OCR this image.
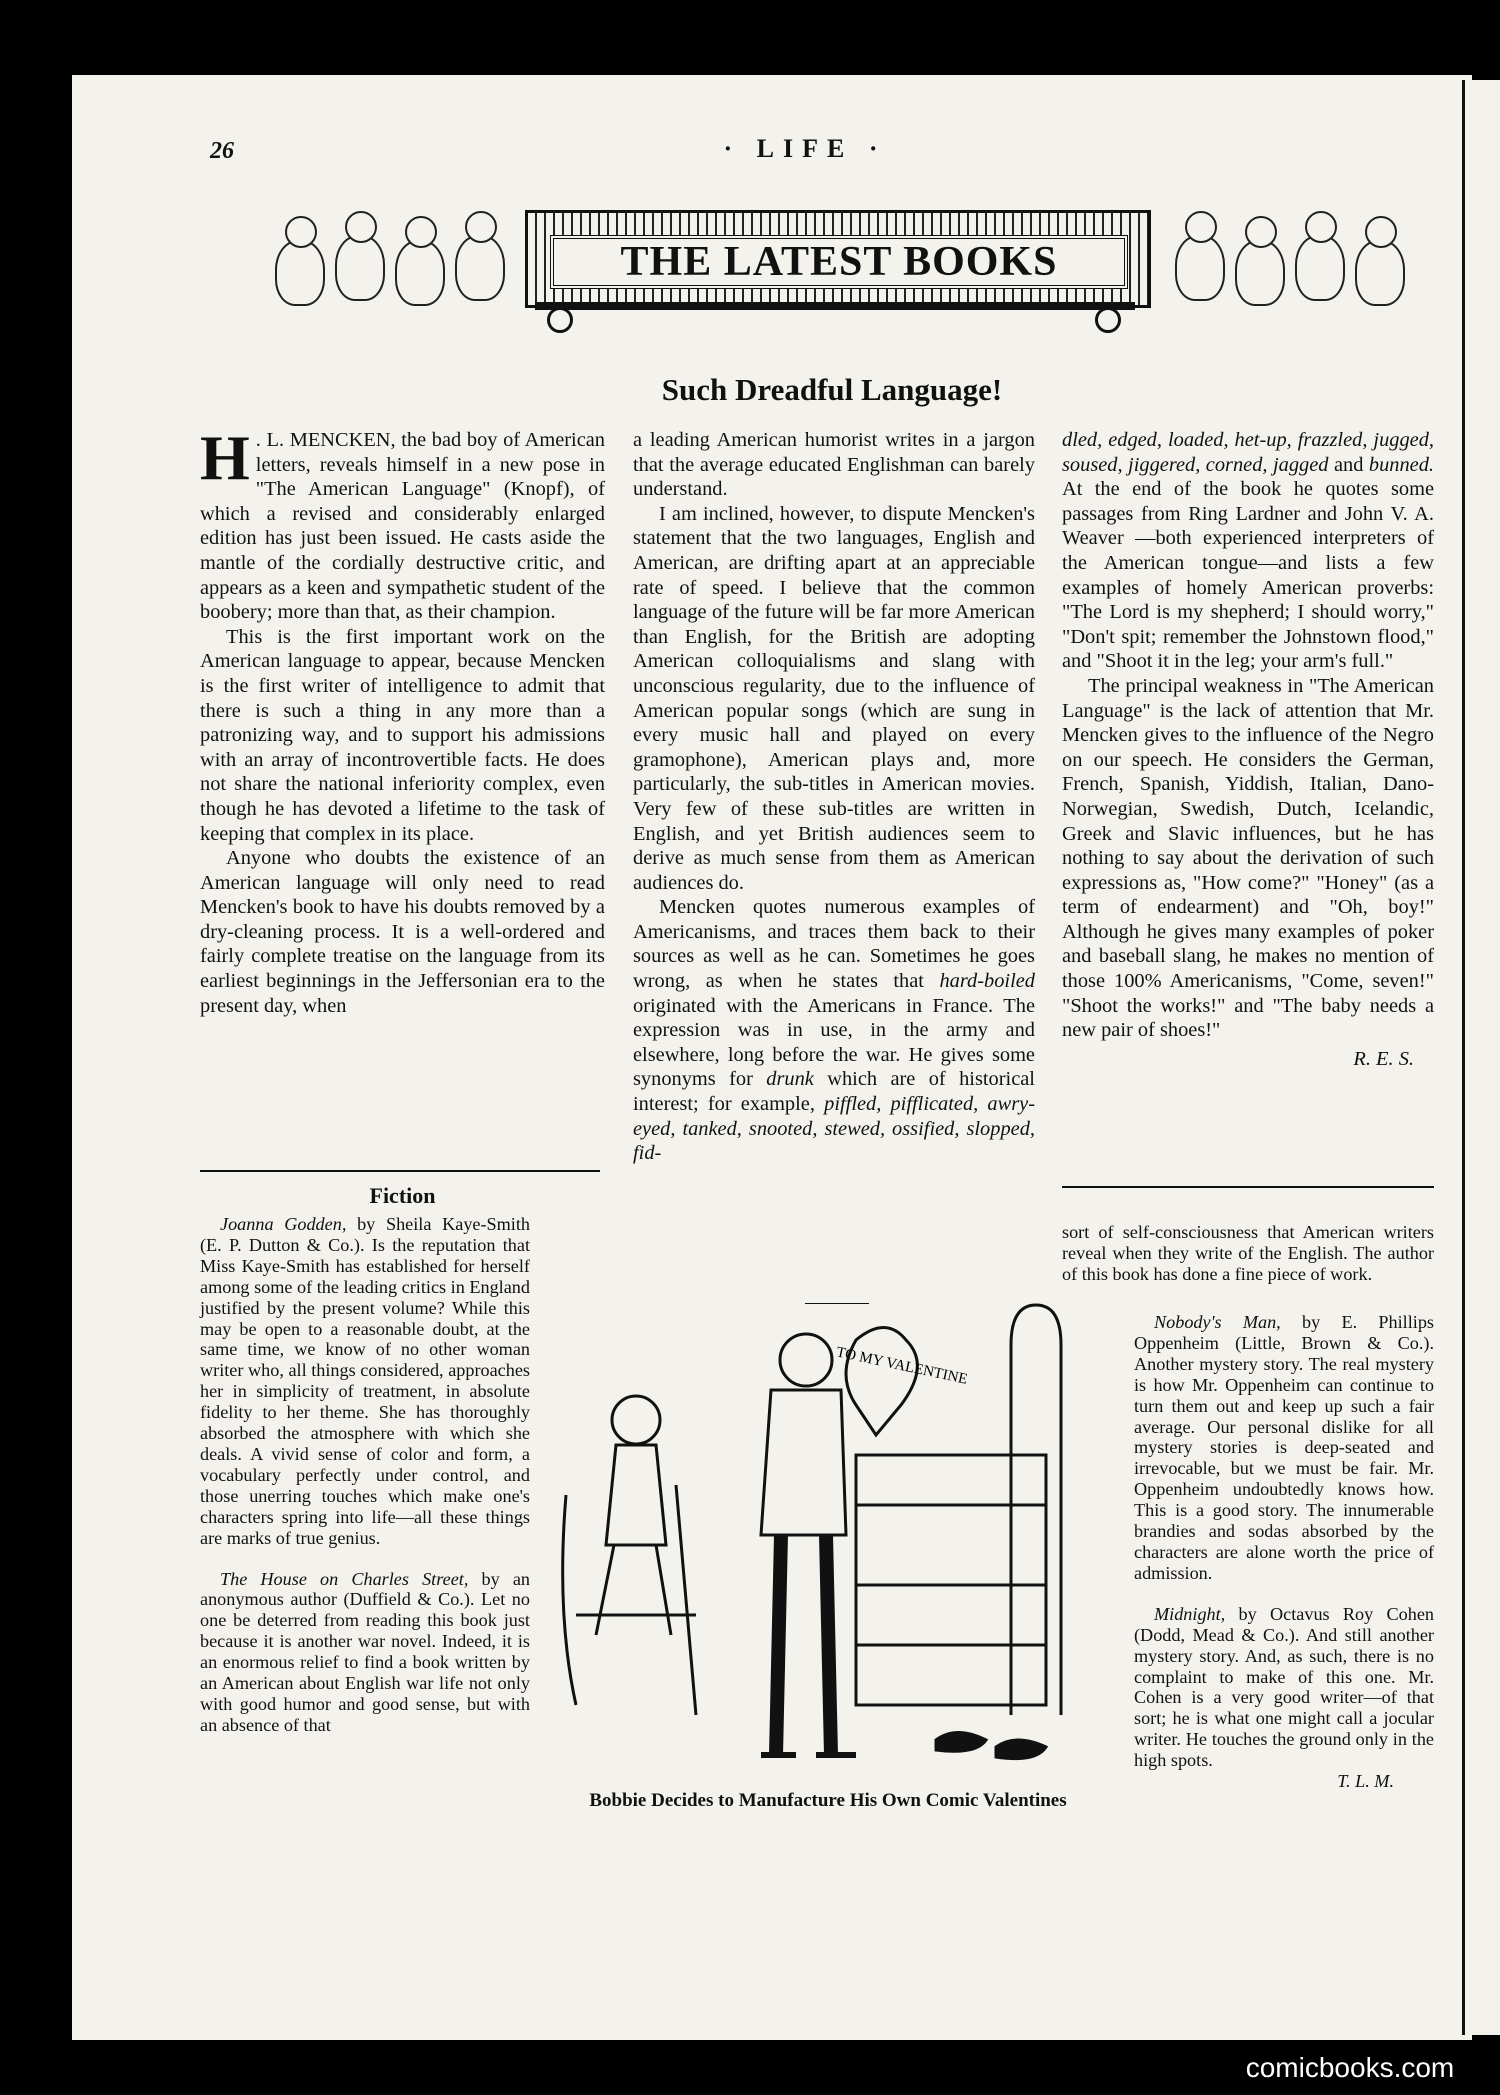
26	· LIFE ·
THE LATEST BOOKS
Such Dreadful Language!

H . L. MENCKEN, the bad boy of American letters, reveals himself in a new pose in "The American Language" (Knopf), of which a revised and considerably enlarged edition has just been issued. He casts aside the mantle of the cordially destructive critic, and appears as a keen and sympathetic student of the boobery; more than that, as their champion.

This is the first important work on the American language to appear, because Mencken is the first writer of intelligence to admit that there is such a thing in any more than a patronizing way, and to support his admissions with an array of incontrovertible facts. He does not share the national inferiority complex, even though he has devoted a lifetime to the task of keeping that complex in its place.

Anyone who doubts the existence of an American language will only need to read Mencken's book to have his doubts removed by a dry-cleaning process. It is a well-ordered and fairly complete treatise on the language from its earliest beginnings in the Jeffersonian era to the present day, when

a leading American humorist writes in a jargon that the average educated Englishman can barely understand.

I am inclined, however, to dispute Mencken's statement that the two languages, English and American, are drifting apart at an appreciable rate of speed. I believe that the common language of the future will be far more American than English, for the British are adopting American colloquialisms and slang with unconscious regularity, due to the influence of American popular songs (which are sung in every music hall and played on every gramophone), American plays and, more particularly, the sub-titles in American movies. Very few of these sub-titles are written in English, and yet British audiences seem to derive as much sense from them as American audiences do.

Mencken quotes numerous examples of Americanisms, and traces them back to their sources as well as he can. Sometimes he goes wrong, as when he states that hard-boiled originated with the Americans in France. The expression was in use, in the army and elsewhere, long before the war. He gives some synonyms for drunk which are of historical interest; for example, piffled, pifflicated, awry-eyed, tanked, snooted, stewed, ossified, slopped, fid-

dled, edged, loaded, het-up, frazzled, jugged, soused, jiggered, corned, jagged and bunned. At the end of the book he quotes some passages from Ring Lardner and John V. A. Weaver —both experienced interpreters of the American tongue—and lists a few examples of homely American proverbs: "The Lord is my shepherd; I should worry," "Don't spit; remember the Johnstown flood," and "Shoot it in the leg; your arm's full."

The principal weakness in "The American Language" is the lack of attention that Mr. Mencken gives to the influence of the Negro on our speech. He considers the German, French, Spanish, Yiddish, Italian, Dano-Norwegian, Swedish, Dutch, Icelandic, Greek and Slavic influences, but he has nothing to say about the derivation of such expressions as, "How come?" "Honey" (as a term of endearment) and "Oh, boy!" Although he gives many examples of poker and baseball slang, he makes no mention of those 100% Americanisms, "Come, seven!" "Shoot the works!" and "The baby needs a new pair of shoes!"

R. E. S.
Fiction

Joanna Godden, by Sheila Kaye-Smith (E. P. Dutton & Co.). Is the reputation that Miss Kaye-Smith has established for herself among some of the leading critics in England justified by the present volume? While this may be open to a reasonable doubt, at the same time, we know of no other woman writer who, all things considered, approaches her in simplicity of treatment, in absolute fidelity to her theme. She has thoroughly absorbed the atmosphere with which she deals. A vivid sense of color and form, a vocabulary perfectly under control, and those unerring touches which make one's characters spring into life—all these things are marks of true genius.

The House on Charles Street, by an anonymous author (Duffield & Co.). Let no one be deterred from reading this book just because it is another war novel. Indeed, it is an enormous relief to find a book written by an American about English war life not only with good humor and good sense, but with an absence of that

sort of self-consciousness that American writers reveal when they write of the English. The author of this book has done a fine piece of work.

Nobody's Man, by E. Phillips Oppenheim (Little, Brown & Co.). Another mystery story. The real mystery is how Mr. Oppenheim can continue to turn them out and keep up such a fair average. Our personal dislike for all mystery stories is deep-seated and irrevocable, but we must be fair. Mr. Oppenheim undoubtedly knows how. This is a good story. The innumerable brandies and sodas absorbed by the characters are alone worth the price of admission.

Midnight, by Octavus Roy Cohen (Dodd, Mead & Co.). And still another mystery story. And, as such, there is no complaint to make of this one. Mr. Cohen is a very good writer—of that sort; he is what one might call a jocular writer. He touches the ground only in the high spots.

T. L. M.
TO MY VALENTINE
Bobbie Decides to Manufacture His Own Comic Valentines
comicbooks.com
